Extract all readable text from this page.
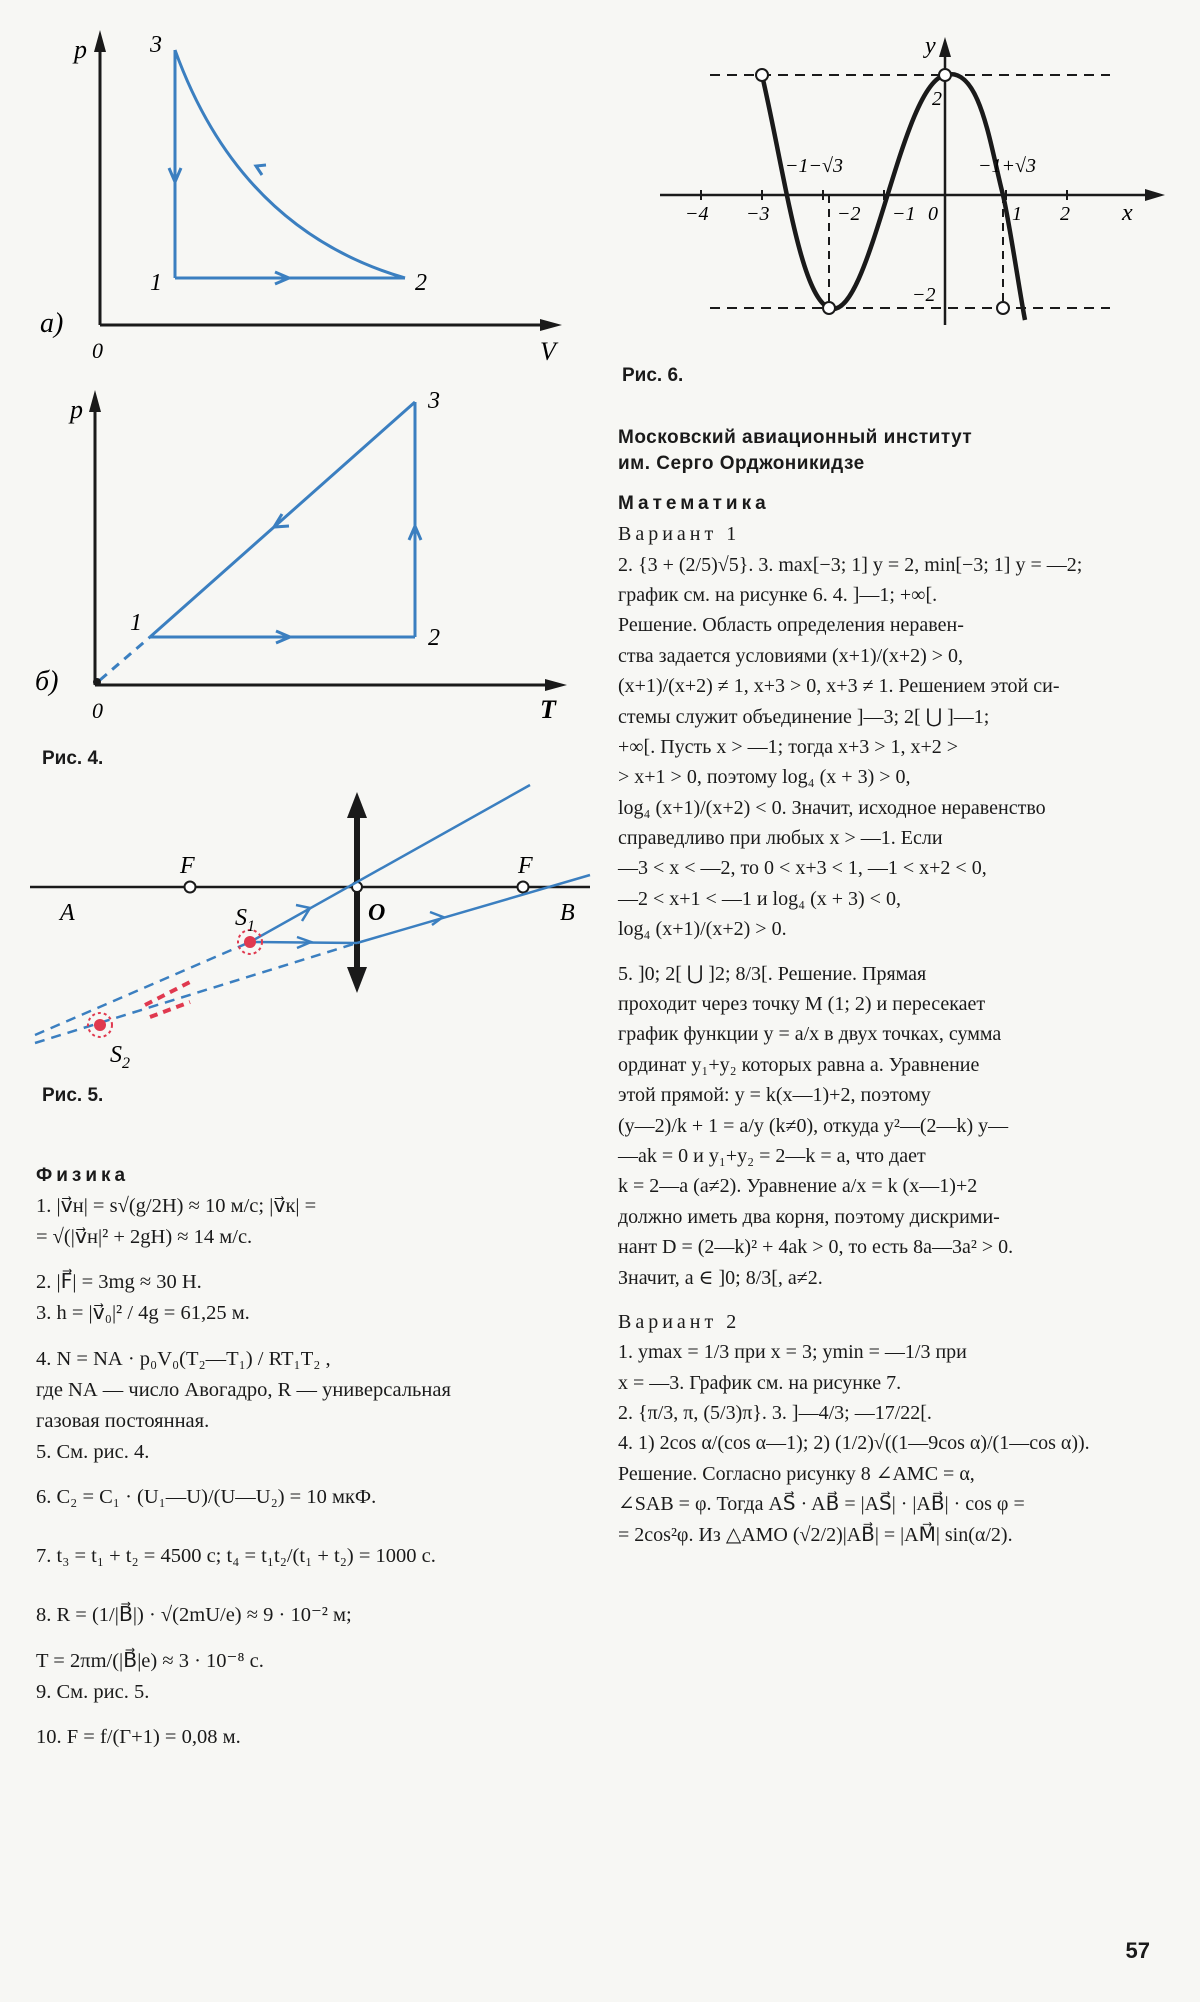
p
V
0
3
1	2
а)
p
T
0
1
2
3
б)
Рис. 4.
A	B
F	F
O
$S_1$
$S_2$
Рис. 5.
x
y
−4 −3	−2 −1 0	1 2
2
−2
−1−√3	−1+√3
Рис. 6.
Физика
1. |v⃗н| = s√(g/2H) ≈ 10 м/с; |v⃗к| =
= √(|v⃗н|² + 2gH) ≈ 14 м/с.
2. |F⃗| = 3mg ≈ 30 Н.
3. h = |v⃗₀|² / 4g = 61,25 м.
4. N = NА · p₀V₀(T₂—T₁) / RT₁T₂ ,
где NА — число Авогадро, R — универсальная
газовая постоянная.
5. См. рис. 4.
6. C₂ = C₁ · (U₁—U)/(U—U₂) = 10 мкФ.
7. t₃ = t₁ + t₂ = 4500 с; t₄ = t₁t₂/(t₁ + t₂) = 1000 с.
8. R = (1/|B⃗|) · √(2mU/e) ≈ 9 · 10⁻² м;
T = 2πm/(|B⃗|e) ≈ 3 · 10⁻⁸ с.
9. См. рис. 5.
10. F = f/(Γ+1) = 0,08 м.
Московский авиационный институт
им. Серго Орджоникидзе
Математика
Вариант 1
2. {3 + (2/5)√5}. 3. max[−3; 1] y = 2, min[−3; 1] y = —2;
график см. на рисунке 6. 4. ]—1; +∞[.
Решение. Область определения неравен-
ства задается условиями (x+1)/(x+2) > 0,
(x+1)/(x+2) ≠ 1, x+3 > 0, x+3 ≠ 1. Решением этой си-
стемы служит объединение ]—3; 2[ ⋃ ]—1;
+∞[. Пусть x > —1; тогда x+3 > 1, x+2 >
> x+1 > 0, поэтому log₄ (x + 3) > 0,
log₄ (x+1)/(x+2) < 0. Значит, исходное неравенство
справедливо при любых x > —1. Если
—3 < x < —2, то 0 < x+3 < 1, —1 < x+2 < 0,
—2 < x+1 < —1 и log₄ (x + 3) < 0,
log₄ (x+1)/(x+2) > 0.
5. ]0; 2[ ⋃ ]2; 8/3[. Решение. Прямая
проходит через точку M (1; 2) и пересекает
график функции y = a/x в двух точках, сумма
ординат y₁+y₂ которых равна a. Уравнение
этой прямой: y = k(x—1)+2, поэтому
(y—2)/k + 1 = a/y (k≠0), откуда y²—(2—k) y—
—ak = 0 и y₁+y₂ = 2—k = a, что дает
k = 2—a (a≠2). Уравнение a/x = k (x—1)+2
должно иметь два корня, поэтому дискрими-
нант D = (2—k)² + 4ak > 0, то есть 8a—3a² > 0.
Значит, a ∈ ]0; 8/3[, a≠2.
Вариант 2
1. ymax = 1/3 при x = 3; ymin = —1/3 при
x = —3. График см. на рисунке 7.
2. {π/3, π, (5/3)π}. 3. ]—4/3; —17/22[.
4. 1) 2cos α/(cos α—1); 2) (1/2)√((1—9cos α)/(1—cos α)).
Решение. Согласно рисунку 8 ∠AMC = α,
∠SAB = φ. Тогда AS⃗ · AB⃗ = |AS⃗| · |AB⃗| · cos φ =
= 2cos²φ. Из △AMO (√2/2)|AB⃗| = |AM⃗| sin(α/2).
57
